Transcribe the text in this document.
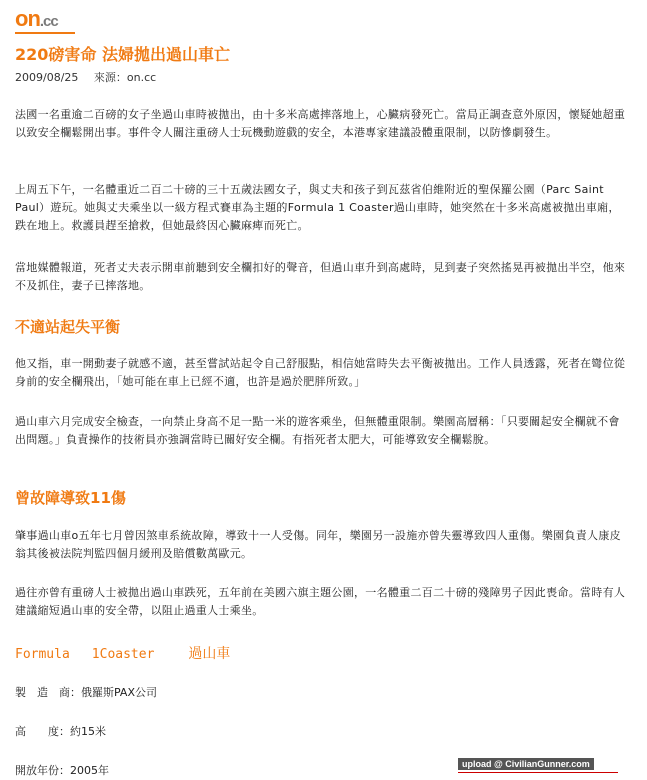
on.cc
220磅害命 法婦拋出過山車亡
2009/08/25 來源：on.cc

法國一名重逾二百磅的女子坐過山車時被拋出，由十多米高處摔落地上，心臟病發死亡。當局正調查意外原因，懷疑她超重以致安全欄鬆開出事。事件令人關注重磅人士玩機動遊戲的安全，本港專家建議設體重限制，以防慘劇發生。

上周五下午，一名體重近二百二十磅的三十五歲法國女子，與丈夫和孩子到瓦茲省伯維附近的聖保羅公園（Parc Saint Paul）遊玩。她與丈夫乘坐以一級方程式賽車為主題的Formula 1 Coaster過山車時，她突然在十多米高處被拋出車廂，跌在地上。救護員趕至搶救，但她最終因心臟麻痺而死亡。

當地媒體報道，死者丈夫表示開車前聽到安全欄扣好的聲音，但過山車升到高處時，見到妻子突然搖晃再被拋出半空，他來不及抓住，妻子已摔落地。

不適站起失平衡

他又指，車一開動妻子就感不適，甚至嘗試站起令自己舒服點，相信她當時失去平衡被拋出。工作人員透露，死者在彎位從身前的安全欄飛出，「她可能在車上已經不適，也許是過於肥胖所致。」

過山車六月完成安全檢查，一向禁止身高不足一點一米的遊客乘坐，但無體重限制。樂園高層稱：「只要關起安全欄就不會出問題。」負責操作的技術員亦強調當時已關好安全欄。有指死者太肥大，可能導致安全欄鬆脫。

曾故障導致11傷

肇事過山車o五年七月曾因煞車系統故障，導致十一人受傷。同年，樂園另一設施亦曾失靈導致四人重傷。樂園負責人康皮翁其後被法院判監四個月緩刑及賠償數萬歐元。

過往亦曾有重磅人士被拋出過山車跌死，五年前在美國六旗主題公園，一名體重二百二十磅的殘障男子因此喪命。當時有人建議縮短過山車的安全帶，以阻止過重人士乘坐。

Formula 1Coaster 過山車
製　造　商：俄羅斯PAX公司
高　　度：約15米
開放年份：2005年	upload @ CivilianGunner.com
